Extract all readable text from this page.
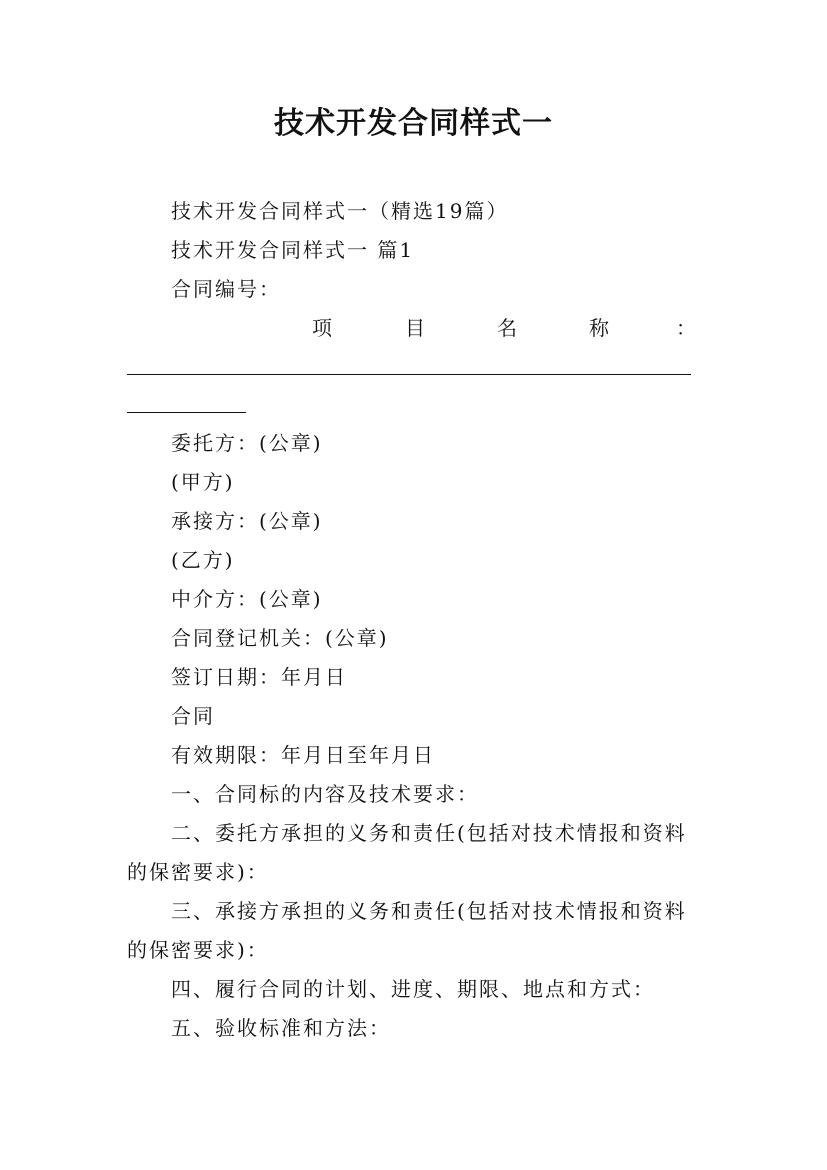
技术开发合同样式一
技术开发合同样式一（精选19篇）
技术开发合同样式一 篇1
合同编号：
项	目	名	称	：
委托方：(公章)
(甲方)
承接方：(公章)
(乙方)
中介方：(公章)
合同登记机关：(公章)
签订日期：年月日
合同
有效期限：年月日至年月日
一、合同标的内容及技术要求：
二、委托方承担的义务和责任(包括对技术情报和资料
的保密要求)：
三、承接方承担的义务和责任(包括对技术情报和资料
的保密要求)：
四、履行合同的计划、进度、期限、地点和方式：
五、验收标准和方法：
